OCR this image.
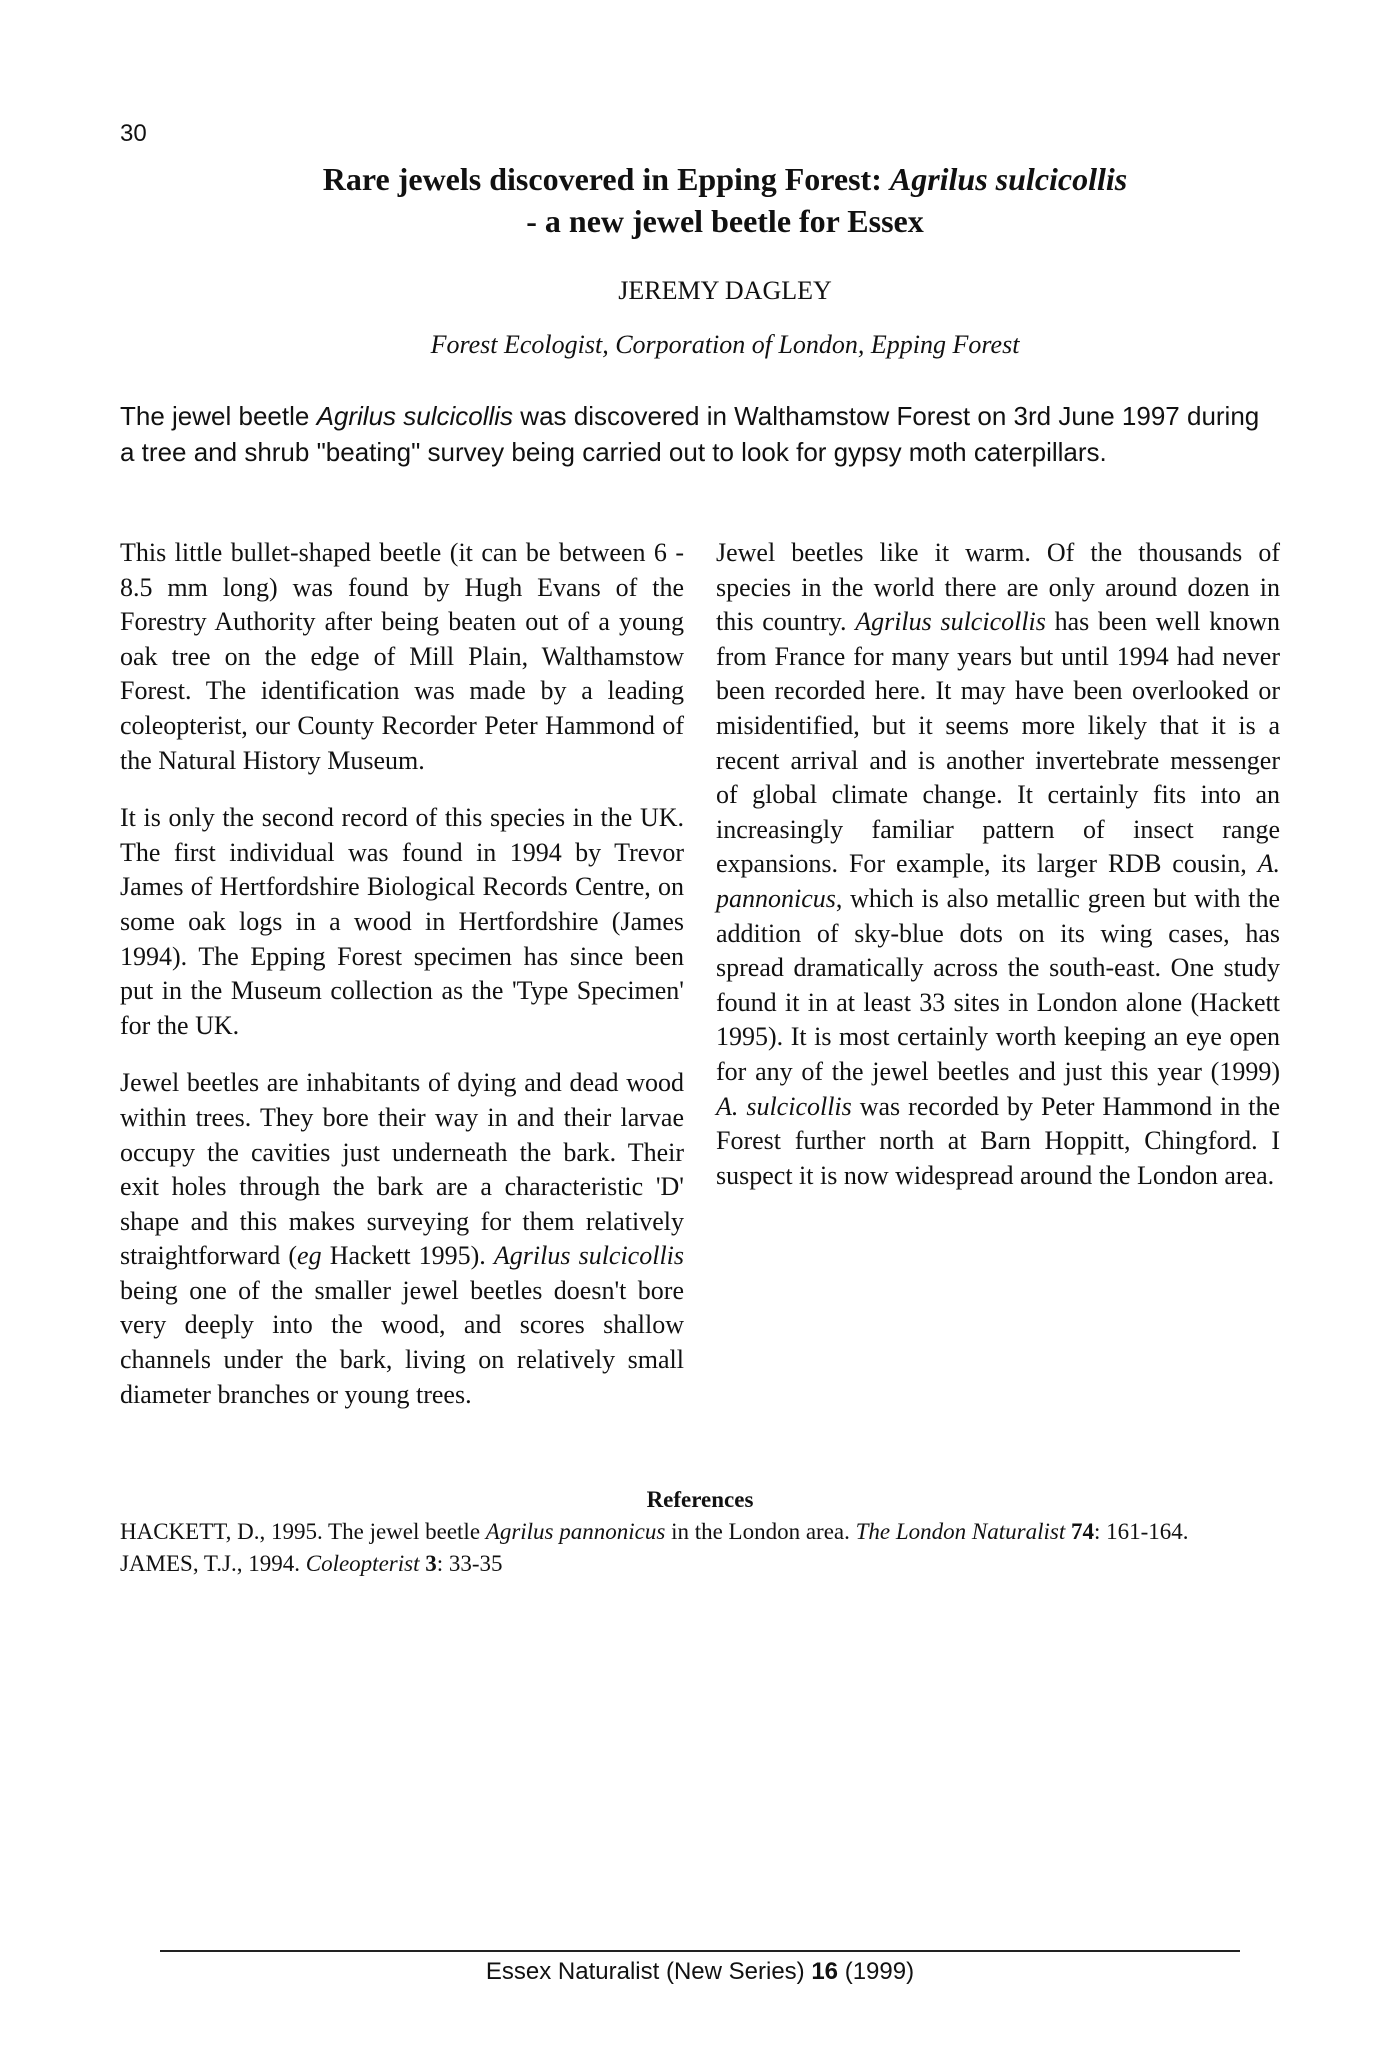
30
Rare jewels discovered in Epping Forest: Agrilus sulcicollis
- a new jewel beetle for Essex
JEREMY DAGLEY
Forest Ecologist, Corporation of London, Epping Forest

The jewel beetle Agrilus sulcicollis was discovered in Walthamstow Forest on 3rd June 1997 during a tree and shrub "beating" survey being carried out to look for gypsy moth caterpillars.

This little bullet-shaped beetle (it can be between 6 - 8.5 mm long) was found by Hugh Evans of the Forestry Authority after being beaten out of a young oak tree on the edge of Mill Plain, Walthamstow Forest. The identification was made by a leading coleopterist, our County Recorder Peter Hammond of the Natural History Museum.

It is only the second record of this species in the UK. The first individual was found in 1994 by Trevor James of Hertfordshire Biological Records Centre, on some oak logs in a wood in Hertfordshire (James 1994). The Epping Forest specimen has since been put in the Museum collection as the 'Type Specimen' for the UK.

Jewel beetles are inhabitants of dying and dead wood within trees. They bore their way in and their larvae occupy the cavities just underneath the bark. Their exit holes through the bark are a characteristic 'D' shape and this makes surveying for them relatively straightforward (eg Hackett 1995). Agrilus sulcicollis being one of the smaller jewel beetles doesn't bore very deeply into the wood, and scores shallow channels under the bark, living on relatively small diameter branches or young trees.

Jewel beetles like it warm. Of the thousands of species in the world there are only around dozen in this country. Agrilus sulcicollis has been well known from France for many years but until 1994 had never been recorded here. It may have been overlooked or misidentified, but it seems more likely that it is a recent arrival and is another invertebrate messenger of global climate change. It certainly fits into an increasingly familiar pattern of insect range expansions. For example, its larger RDB cousin, A. pannonicus, which is also metallic green but with the addition of sky-blue dots on its wing cases, has spread dramatically across the south-east. One study found it in at least 33 sites in London alone (Hackett 1995). It is most certainly worth keeping an eye open for any of the jewel beetles and just this year (1999) A. sulcicollis was recorded by Peter Hammond in the Forest further north at Barn Hoppitt, Chingford. I suspect it is now widespread around the London area.

References

HACKETT, D., 1995. The jewel beetle Agrilus pannonicus in the London area. The London Naturalist 74: 161-164.

JAMES, T.J., 1994. Coleopterist 3: 33-35

Essex Naturalist (New Series) 16 (1999)
